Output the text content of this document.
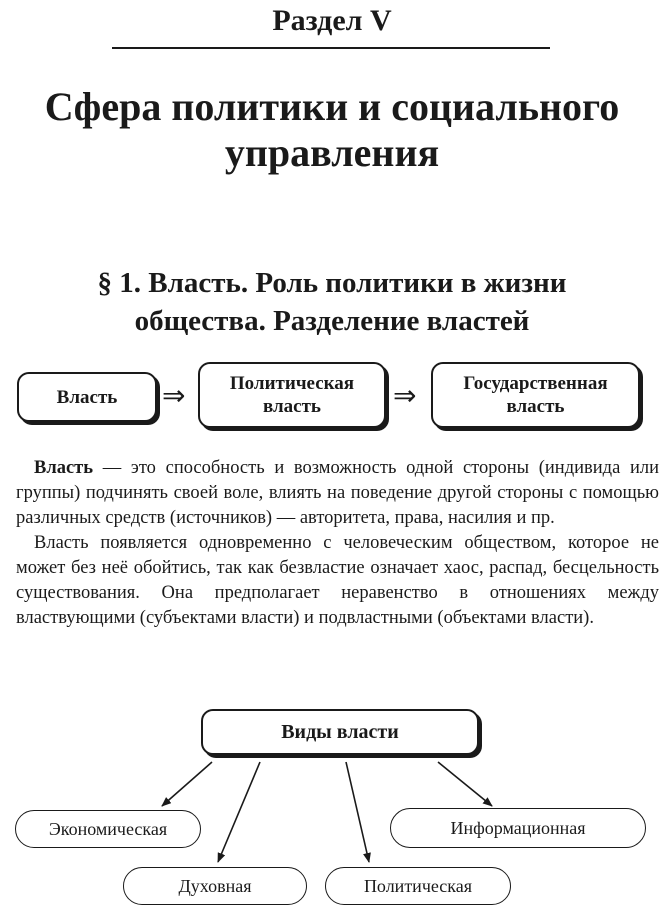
Раздел V
Сфера политики и социального
управления
§ 1. Власть. Роль политики в жизни
общества. Разделение властей
Власть ⇒ Политическая
власть	⇒ Государственная
власть

Власть — это способность и возможность одной стороны (индивида или группы) подчинять своей воле, влиять на поведение другой стороны с помощью различных средств (источников) — авторитета, права, насилия и пр.

Власть появляется одновременно с человеческим обществом, которое не может без неё обойтись, так как безвластие означает хаос, распад, бесцельность существования. Она предполагает неравенство в отношениях между властвующими (субъектами власти) и подвластными (объектами власти).

Виды власти
Экономическая
Духовная	Политическая
Информационная
